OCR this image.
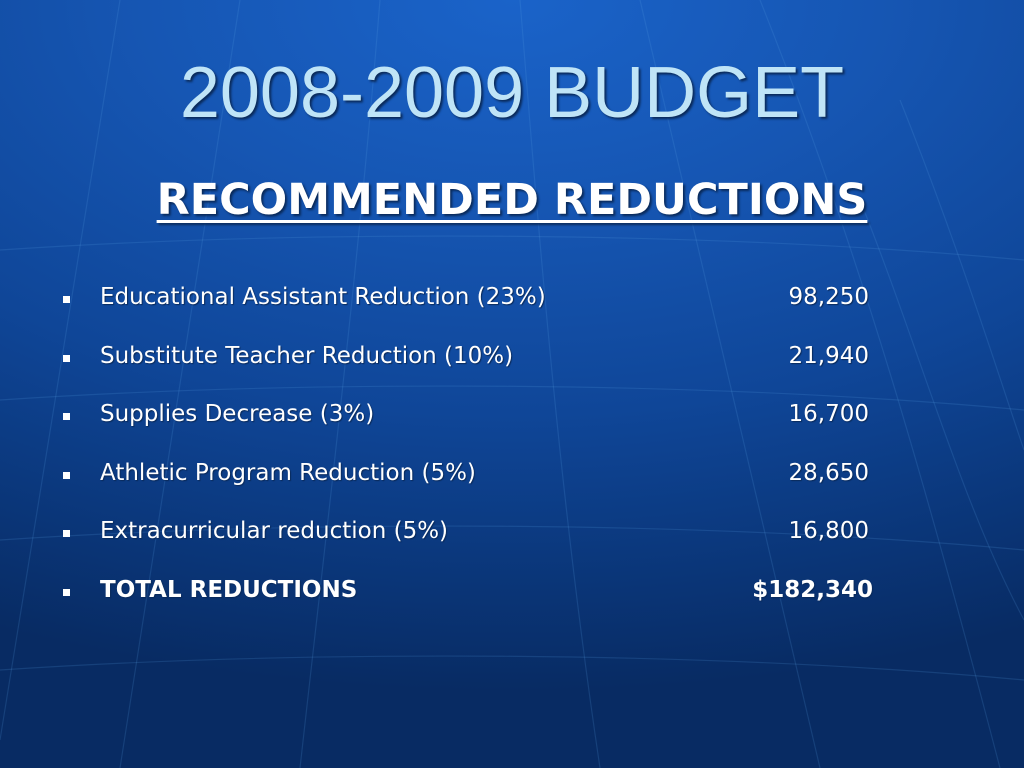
2008-2009 BUDGET
RECOMMENDED REDUCTIONS
Educational Assistant Reduction (23%)	98,250
Substitute Teacher Reduction (10%)	21,940
Supplies Decrease (3%)	16,700
Athletic Program Reduction (5%)	28,650
Extracurricular reduction (5%)	16,800
TOTAL REDUCTIONS	$182,340
